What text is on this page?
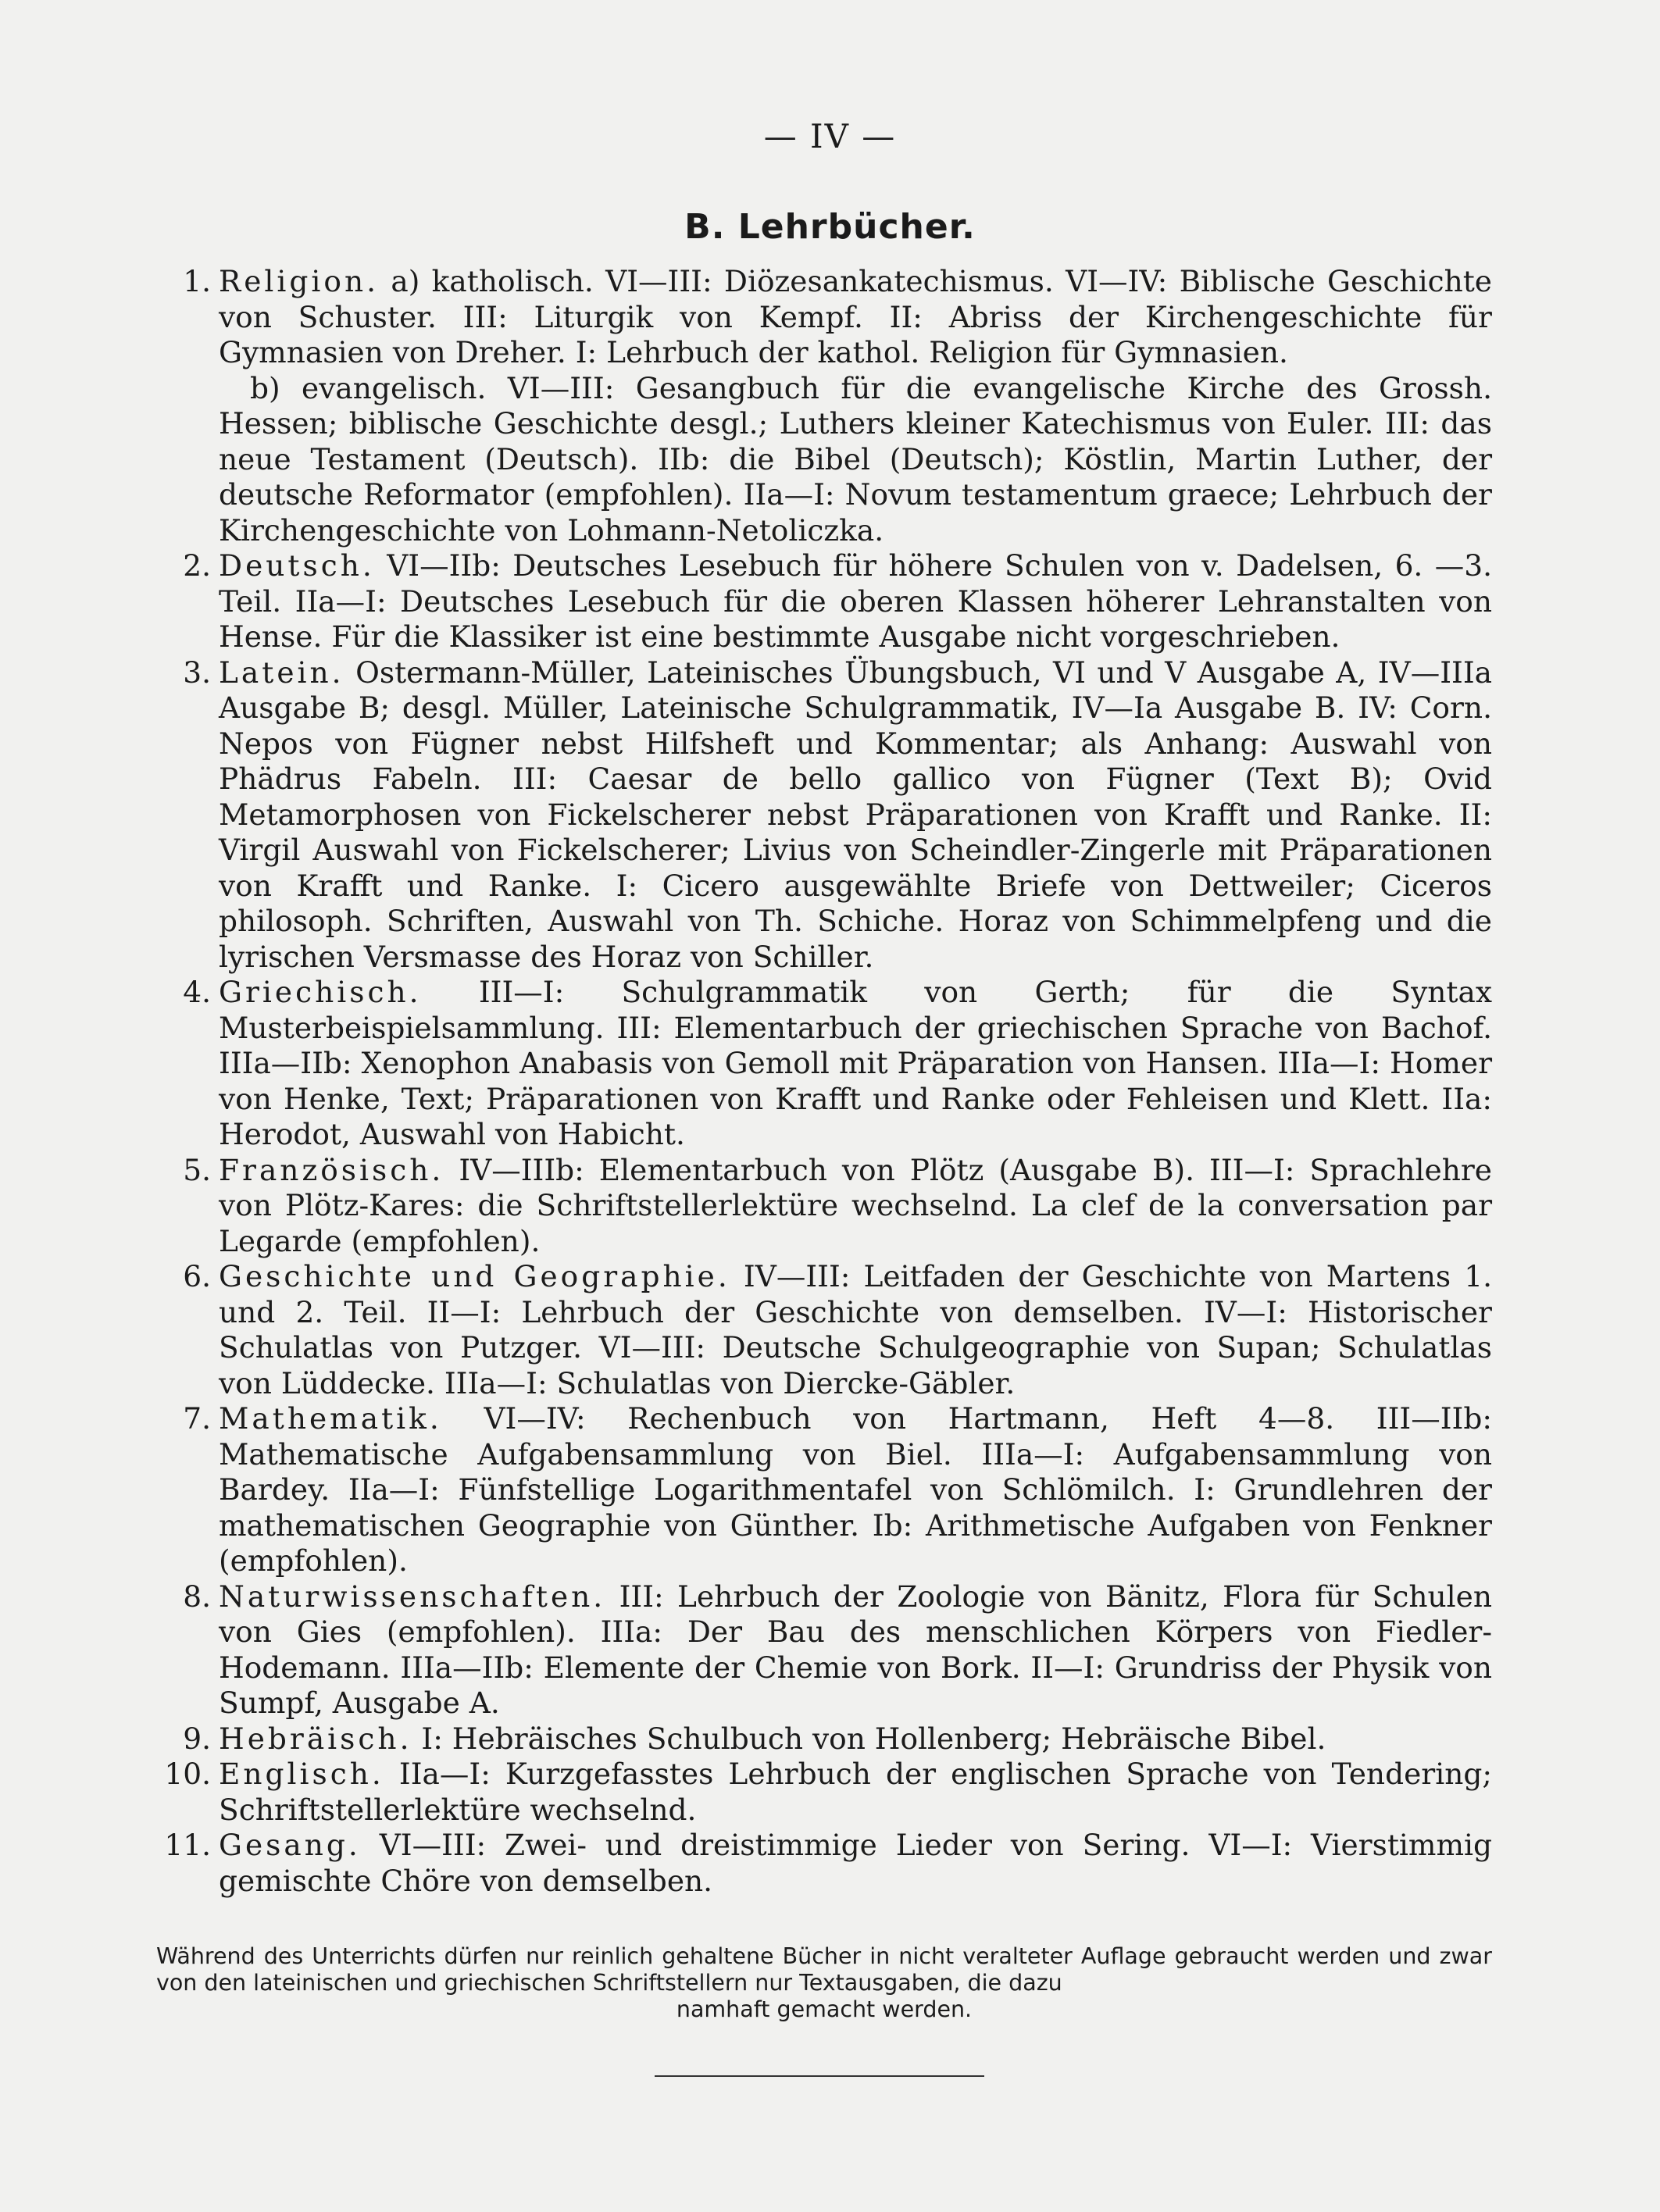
— IV —
B. Lehrbücher.
1. Religion. a) katholisch. VI—III: Diözesankatechismus. VI—IV: Biblische Geschichte von Schuster. III: Liturgik von Kempf. II: Abriss der Kirchengeschichte für Gymnasien von Dreher. I: Lehrbuch der kathol. Religion für Gymnasien.
b) evangelisch. VI—III: Gesangbuch für die evangelische Kirche des Grossh. Hessen; biblische Geschichte desgl.; Luthers kleiner Katechismus von Euler. III: das neue Testament (Deutsch). IIb: die Bibel (Deutsch); Köstlin, Martin Luther, der deutsche Reformator (empfohlen). IIa—I: Novum testamentum graece; Lehrbuch der Kirchengeschichte von Lohmann-Netoliczka.
2. Deutsch. VI—IIb: Deutsches Lesebuch für höhere Schulen von v. Dadelsen, 6. —3. Teil. IIa—I: Deutsches Lesebuch für die oberen Klassen höherer Lehranstalten von Hense. Für die Klassiker ist eine bestimmte Ausgabe nicht vorgeschrieben.
3. Latein. Ostermann-Müller, Lateinisches Übungsbuch, VI und V Ausgabe A, IV—IIIa Ausgabe B; desgl. Müller, Lateinische Schulgrammatik, IV—Ia Ausgabe B. IV: Corn. Nepos von Fügner nebst Hilfsheft und Kommentar; als Anhang: Auswahl von Phädrus Fabeln. III: Caesar de bello gallico von Fügner (Text B); Ovid Metamorphosen von Fickelscherer nebst Präparationen von Krafft und Ranke. II: Virgil Auswahl von Fickelscherer; Livius von Scheindler-Zingerle mit Präparationen von Krafft und Ranke. I: Cicero ausgewählte Briefe von Dettweiler; Ciceros philosoph. Schriften, Auswahl von Th. Schiche. Horaz von Schimmelpfeng und die lyrischen Versmasse des Horaz von Schiller.
4. Griechisch. III—I: Schulgrammatik von Gerth; für die Syntax Musterbeispielsammlung. III: Elementarbuch der griechischen Sprache von Bachof. IIIa—IIb: Xenophon Anabasis von Gemoll mit Präparation von Hansen. IIIa—I: Homer von Henke, Text; Präparationen von Krafft und Ranke oder Fehleisen und Klett. IIa: Herodot, Auswahl von Habicht.
5. Französisch. IV—IIIb: Elementarbuch von Plötz (Ausgabe B). III—I: Sprachlehre von Plötz-Kares: die Schriftstellerlektüre wechselnd. La clef de la conversation par Legarde (empfohlen).
6. Geschichte und Geographie. IV—III: Leitfaden der Geschichte von Martens 1. und 2. Teil. II—I: Lehrbuch der Geschichte von demselben. IV—I: Historischer Schulatlas von Putzger. VI—III: Deutsche Schulgeographie von Supan; Schulatlas von Lüddecke. IIIa—I: Schulatlas von Diercke-Gäbler.
7. Mathematik. VI—IV: Rechenbuch von Hartmann, Heft 4—8. III—IIb: Mathematische Aufgabensammlung von Biel. IIIa—I: Aufgabensammlung von Bardey. IIa—I: Fünfstellige Logarithmentafel von Schlömilch. I: Grundlehren der mathematischen Geographie von Günther. Ib: Arithmetische Aufgaben von Fenkner (empfohlen).
8. Naturwissenschaften. III: Lehrbuch der Zoologie von Bänitz, Flora für Schulen von Gies (empfohlen). IIIa: Der Bau des menschlichen Körpers von Fiedler-Hodemann. IIIa—IIb: Elemente der Chemie von Bork. II—I: Grundriss der Physik von Sumpf, Ausgabe A.
9. Hebräisch. I: Hebräisches Schulbuch von Hollenberg; Hebräische Bibel.
10. Englisch. IIa—I: Kurzgefasstes Lehrbuch der englischen Sprache von Tendering; Schriftstellerlektüre wechselnd.
11. Gesang. VI—III: Zwei- und dreistimmige Lieder von Sering. VI—I: Vierstimmig gemischte Chöre von demselben.
Während des Unterrichts dürfen nur reinlich gehaltene Bücher in nicht veralteter Auflage gebraucht werden und zwar von den lateinischen und griechischen Schriftstellern nur Textausgaben, die dazu
namhaft gemacht werden.
